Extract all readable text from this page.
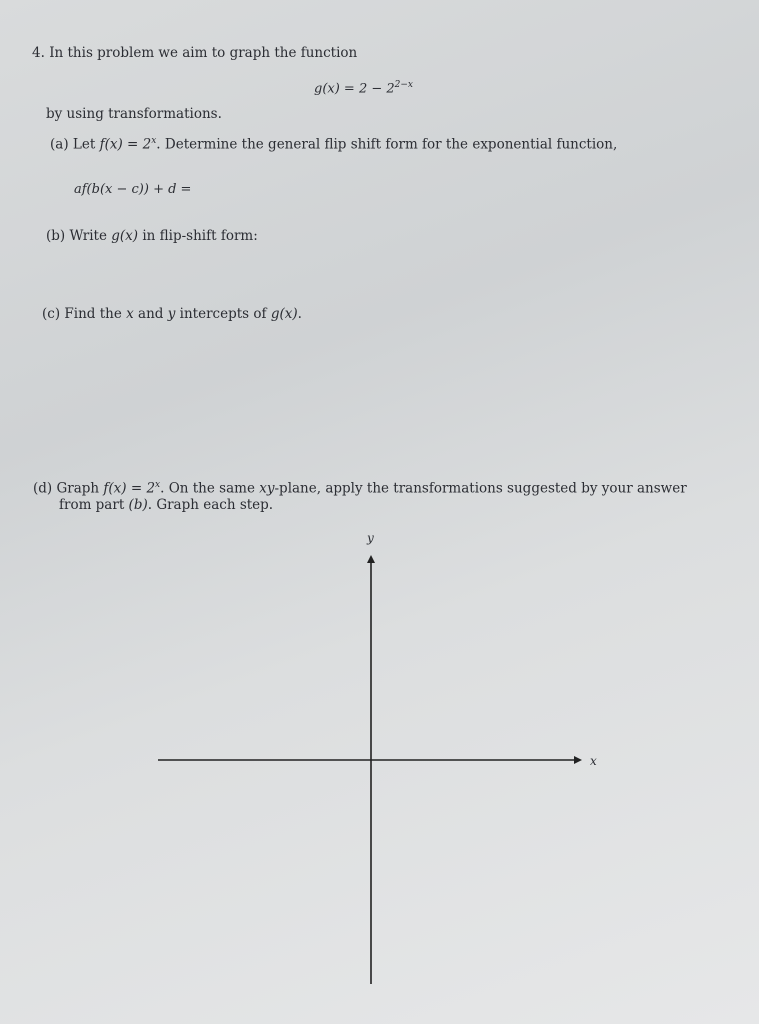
4. In this problem we aim to graph the function
$g(x) = 2 - 2^{2-x}$
by using transformations.
(a) Let $f(x) = 2^x$. Determine the general flip shift form for the exponential function,
af(b(x − c)) + d =
(b) Write g(x) in flip-shift form:
(c) Find the x and y intercepts of g(x).
(d) Graph $f(x) = 2^x$. On the same xy-plane, apply the transformations suggested by your answer
from part (b). Graph each step.
x
y
